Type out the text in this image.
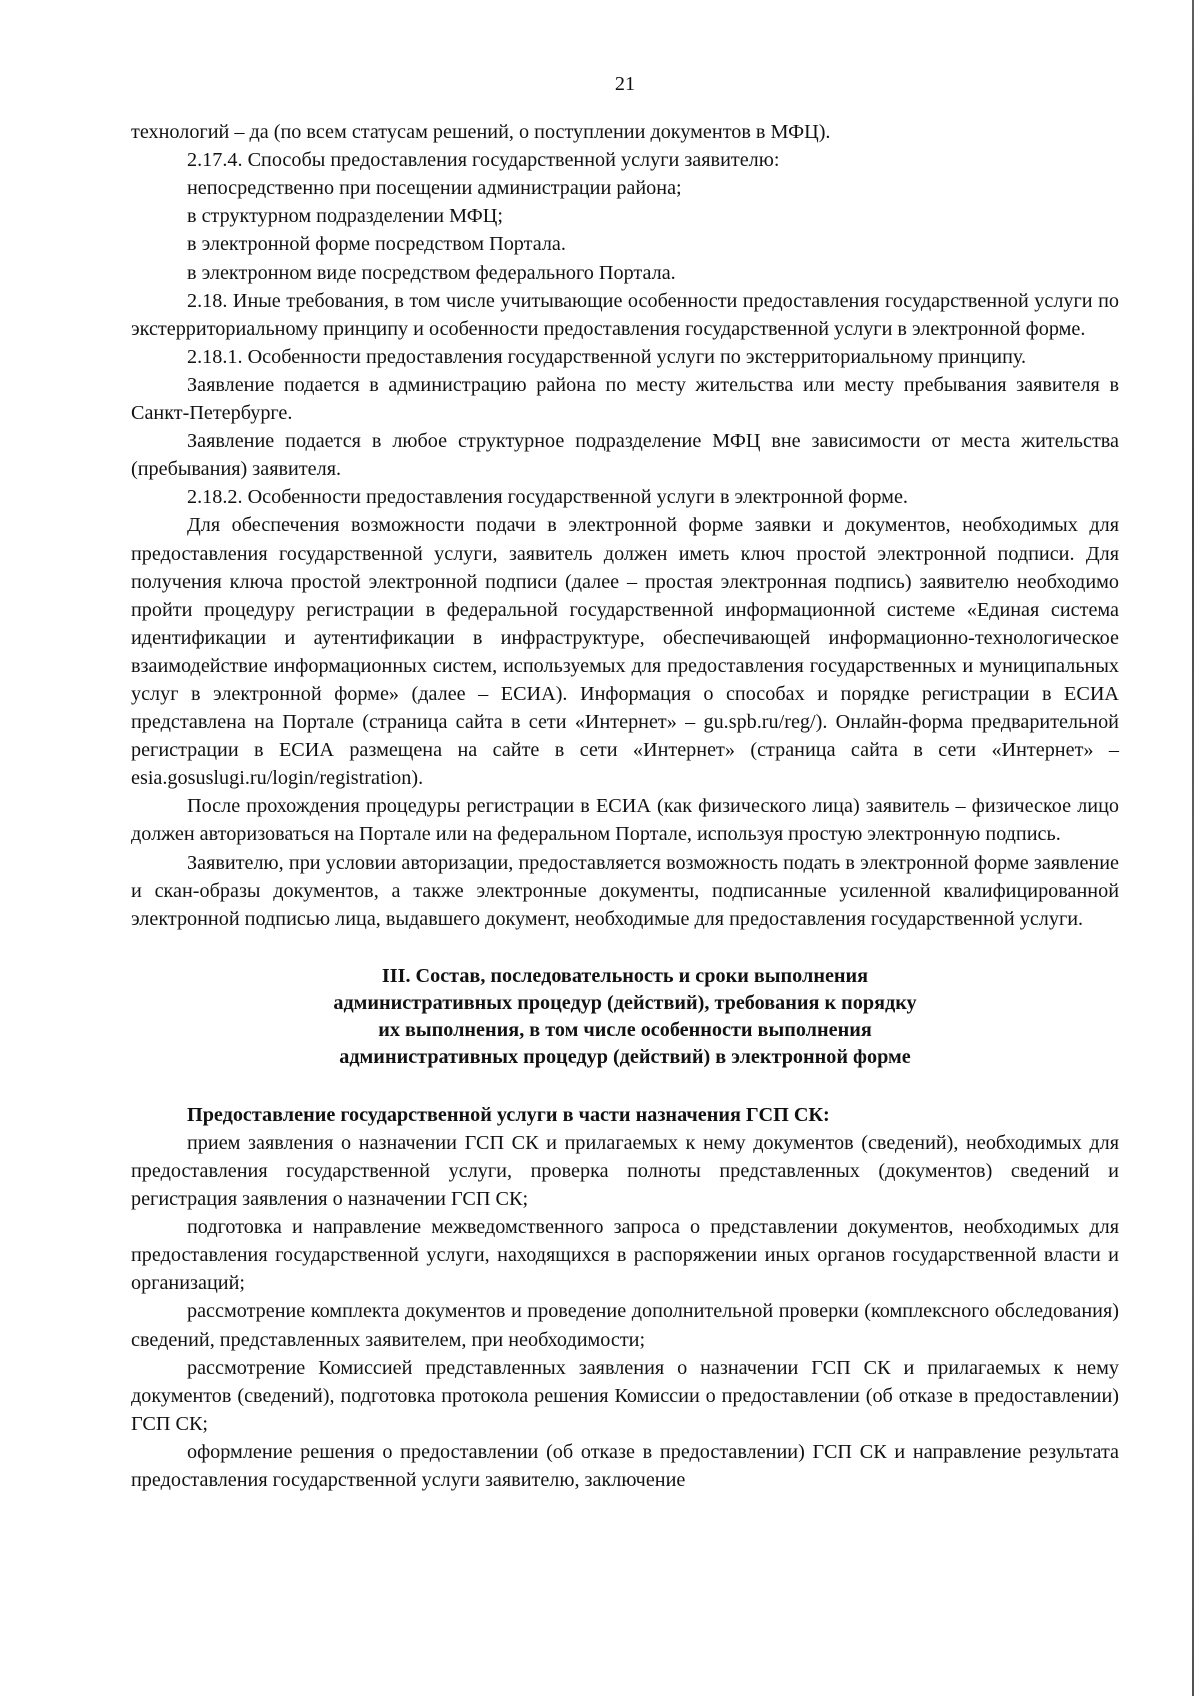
21

технологий – да (по всем статусам решений, о поступлении документов в МФЦ).

2.17.4. Способы предоставления государственной услуги заявителю:

непосредственно при посещении администрации района;

в структурном подразделении МФЦ;

в электронной форме посредством Портала.

в электронном виде посредством федерального Портала.

2.18. Иные требования, в том числе учитывающие особенности предоставления государственной услуги по экстерриториальному принципу и особенности предоставления государственной услуги в электронной форме.

2.18.1. Особенности предоставления государственной услуги по экстерриториальному принципу.

Заявление подается в администрацию района по месту жительства или месту пребывания заявителя в Санкт-Петербурге.

Заявление подается в любое структурное подразделение МФЦ вне зависимости от места жительства (пребывания) заявителя.

2.18.2. Особенности предоставления государственной услуги в электронной форме.

Для обеспечения возможности подачи в электронной форме заявки и документов, необходимых для предоставления государственной услуги, заявитель должен иметь ключ простой электронной подписи. Для получения ключа простой электронной подписи (далее – простая электронная подпись) заявителю необходимо пройти процедуру регистрации в федеральной государственной информационной системе «Единая система идентификации и аутентификации в инфраструктуре, обеспечивающей информационно-технологическое взаимодействие информационных систем, используемых для предоставления государственных и муниципальных услуг в электронной форме» (далее – ЕСИА). Информация о способах и порядке регистрации в ЕСИА представлена на Портале (страница сайта в сети «Интернет» – gu.spb.ru/reg/). Онлайн-форма предварительной регистрации в ЕСИА размещена на сайте в сети «Интернет» (страница сайта в сети «Интернет» – esia.gosuslugi.ru/login/registration).

После прохождения процедуры регистрации в ЕСИА (как физического лица) заявитель – физическое лицо должен авторизоваться на Портале или на федеральном Портале, используя простую электронную подпись.

Заявителю, при условии авторизации, предоставляется возможность подать в электронной форме заявление и скан-образы документов, а также электронные документы, подписанные усиленной квалифицированной электронной подписью лица, выдавшего документ, необходимые для предоставления государственной услуги.

III. Состав, последовательность и сроки выполнения
административных процедур (действий), требования к порядку
их выполнения, в том числе особенности выполнения
административных процедур (действий) в электронной форме

Предоставление государственной услуги в части назначения ГСП СК:

прием заявления о назначении ГСП СК и прилагаемых к нему документов (сведений), необходимых для предоставления государственной услуги, проверка полноты представленных (документов) сведений и регистрация заявления о назначении ГСП СК;

подготовка и направление межведомственного запроса о представлении документов, необходимых для предоставления государственной услуги, находящихся в распоряжении иных органов государственной власти и организаций;

рассмотрение комплекта документов и проведение дополнительной проверки (комплексного обследования) сведений, представленных заявителем, при необходимости;

рассмотрение Комиссией представленных заявления о назначении ГСП СК и прилагаемых к нему документов (сведений), подготовка протокола решения Комиссии о предоставлении (об отказе в предоставлении) ГСП СК;

оформление решения о предоставлении (об отказе в предоставлении) ГСП СК и направление результата предоставления государственной услуги заявителю, заключение
